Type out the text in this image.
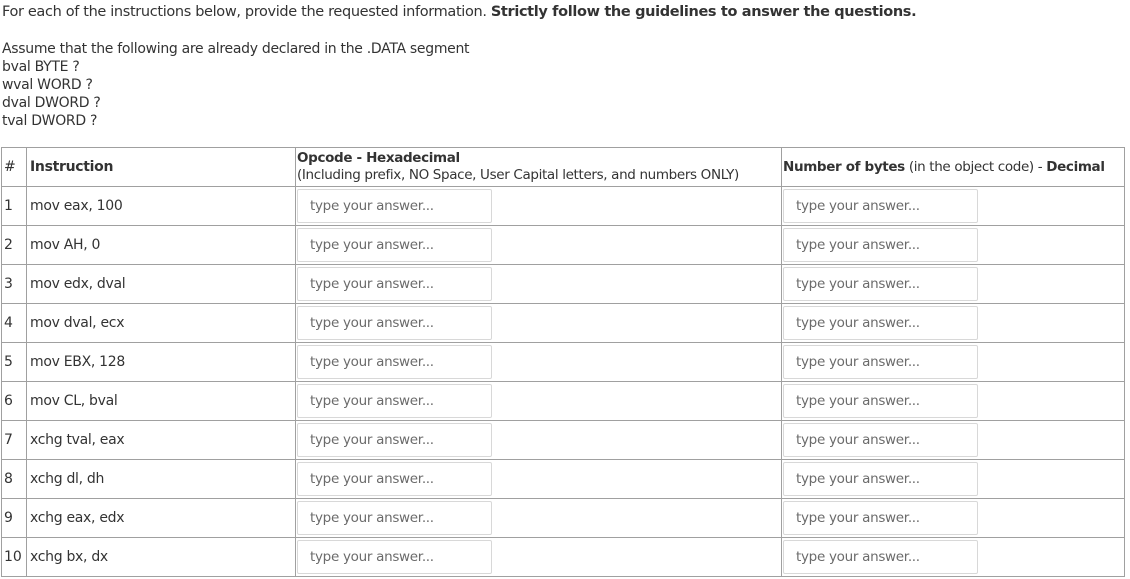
For each of the instructions below, provide the requested information. Strictly follow the guidelines to answer the questions.
Assume that the following are already declared in the .DATA segment
bval BYTE ?
wval WORD ?
dval DWORD ?
tval DWORD ?
#	Instruction	Opcode - Hexadecimal
(Including prefix, NO Space, User Capital letters, and numbers ONLY)	Number of bytes (in the object code) - Decimal
1	mov eax, 100	
type your answer...	
type your answer...
2	mov AH, 0	
type your answer...	
type your answer...
3	mov edx, dval	
type your answer...	
type your answer...
4	mov dval, ecx	
type your answer...	
type your answer...
5	mov EBX, 128	
type your answer...	
type your answer...
6	mov CL, bval	
type your answer...	
type your answer...
7	xchg tval, eax	
type your answer...	
type your answer...
8	xchg dl, dh	
type your answer...	
type your answer...
9	xchg eax, edx	
type your answer...	
type your answer...
10	xchg bx, dx	
type your answer...	
type your answer...
